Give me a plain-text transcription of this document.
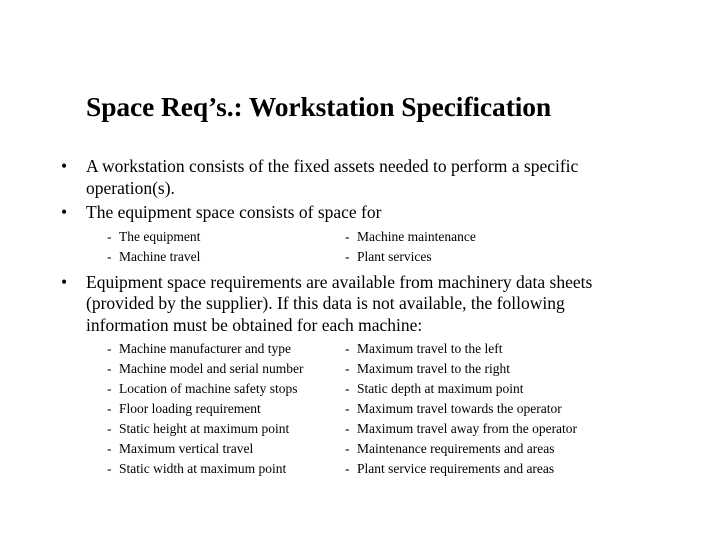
Space Req’s.: Workstation Specification
• A workstation consists of the fixed assets needed to perform a specific operation(s).
• The equipment space consists of space for
- The equipment
- Machine travel
- Machine maintenance
- Plant services
• Equipment space requirements are available from machinery data sheets (provided by the supplier). If this data is not available, the following information must be obtained for each machine:
- Machine manufacturer and type
- Machine model and serial number
- Location of machine safety stops
- Floor loading requirement
- Static height at maximum point
- Maximum vertical travel
- Static width at maximum point
- Maximum travel to the left
- Maximum travel to the right
- Static depth at maximum point
- Maximum travel towards the operator
- Maximum travel away from the operator
- Maintenance requirements and areas
- Plant service requirements and areas
